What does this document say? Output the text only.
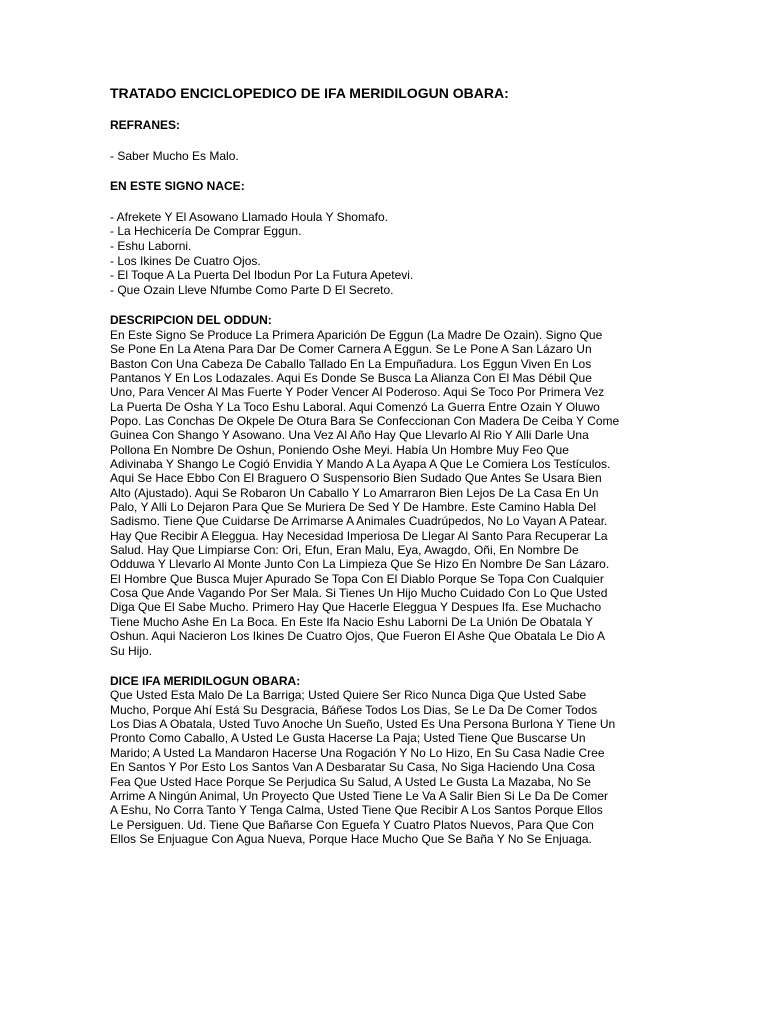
TRATADO ENCICLOPEDICO DE IFA MERIDILOGUN OBARA:
REFRANES:
- Saber Mucho Es Malo.
EN ESTE SIGNO NACE:
- Afrekete Y El Asowano Llamado Houla Y Shomafo.
- La Hechicería De Comprar Eggun.
- Eshu Laborni.
- Los Ikines De Cuatro Ojos.
- El Toque A La Puerta Del Ibodun Por La Futura Apetevi.
- Que Ozain Lleve Nfumbe Como Parte D El Secreto.
DESCRIPCION DEL ODDUN:
En Este Signo Se Produce La Primera Aparición De Eggun (La Madre De Ozain). Signo Que
Se Pone En La Atena Para Dar De Comer Carnera A Eggun. Se Le Pone A San Lázaro Un
Baston Con Una Cabeza De Caballo Tallado En La Empuñadura. Los Eggun Viven En Los
Pantanos Y En Los Lodazales. Aqui Es Donde Se Busca La Alianza Con El Mas Débil Que
Uno, Para Vencer Al Mas Fuerte Y Poder Vencer Al Poderoso. Aqui Se Toco Por Primera Vez
La Puerta De Osha Y La Toco Eshu Laboral. Aqui Comenzó La Guerra Entre Ozain Y Oluwo
Popo. Las Conchas De Okpele De Otura Bara Se Confeccionan Con Madera De Ceiba Y Come
Guinea Con Shango Y Asowano. Una Vez Al Año Hay Que Llevarlo Al Rio Y Alli Darle Una
Pollona En Nombre De Oshun, Poniendo Oshe Meyi. Había Un Hombre Muy Feo Que
Adivinaba Y Shango Le Cogió Envidia Y Mando A La Ayapa A Que Le Comiera Los Testículos.
Aqui Se Hace Ebbo Con El Braguero O Suspensorio Bien Sudado Que Antes Se Usara Bien
Alto (Ajustado). Aqui Se Robaron Un Caballo Y Lo Amarraron Bien Lejos De La Casa En Un
Palo, Y Alli Lo Dejaron Para Que Se Muriera De Sed Y De Hambre. Este Camino Habla Del
Sadismo. Tiene Que Cuidarse De Arrimarse A Animales Cuadrúpedos, No Lo Vayan A Patear.
Hay Que Recibir A Eleggua. Hay Necesidad Imperiosa De Llegar Al Santo Para Recuperar La
Salud. Hay Que Limpiarse Con: Ori, Efun, Eran Malu, Eya, Awagdo, Oñi, En Nombre De
Odduwa Y Llevarlo Al Monte Junto Con La Limpieza Que Se Hizo En Nombre De San Lázaro.
El Hombre Que Busca Mujer Apurado Se Topa Con El Diablo Porque Se Topa Con Cualquier
Cosa Que Ande Vagando Por Ser Mala. Si Tienes Un Hijo Mucho Cuidado Con Lo Que Usted
Diga Que El Sabe Mucho. Primero Hay Que Hacerle Eleggua Y Despues Ifa. Ese Muchacho
Tiene Mucho Ashe En La Boca. En Este Ifa Nacio Eshu Laborni De La Unión De Obatala Y
Oshun. Aqui Nacieron Los Ikines De Cuatro Ojos, Que Fueron El Ashe Que Obatala Le Dio A
Su Hijo.
DICE IFA MERIDILOGUN OBARA:
Que Usted Esta Malo De La Barriga; Usted Quiere Ser Rico Nunca Diga Que Usted Sabe
Mucho, Porque Ahí Está Su Desgracia, Báñese Todos Los Dias, Se Le Da De Comer Todos
Los Dias A Obatala, Usted Tuvo Anoche Un Sueño, Usted Es Una Persona Burlona Y Tiene Un
Pronto Como Caballo, A Usted Le Gusta Hacerse La Paja; Usted Tiene Que Buscarse Un
Marido; A Usted La Mandaron Hacerse Una Rogación Y No Lo Hizo, En Su Casa Nadie Cree
En Santos Y Por Esto Los Santos Van A Desbaratar Su Casa, No Siga Haciendo Una Cosa
Fea Que Usted Hace Porque Se Perjudica Su Salud, A Usted Le Gusta La Mazaba, No Se
Arrime A Ningún Animal, Un Proyecto Que Usted Tiene Le Va A Salir Bien Si Le Da De Comer
A Eshu, No Corra Tanto Y Tenga Calma, Usted Tiene Que Recibir A Los Santos Porque Ellos
Le Persiguen. Ud. Tiene Que Bañarse Con Eguefa Y Cuatro Platos Nuevos, Para Que Con
Ellos Se Enjuague Con Agua Nueva, Porque Hace Mucho Que Se Baña Y No Se Enjuaga.
